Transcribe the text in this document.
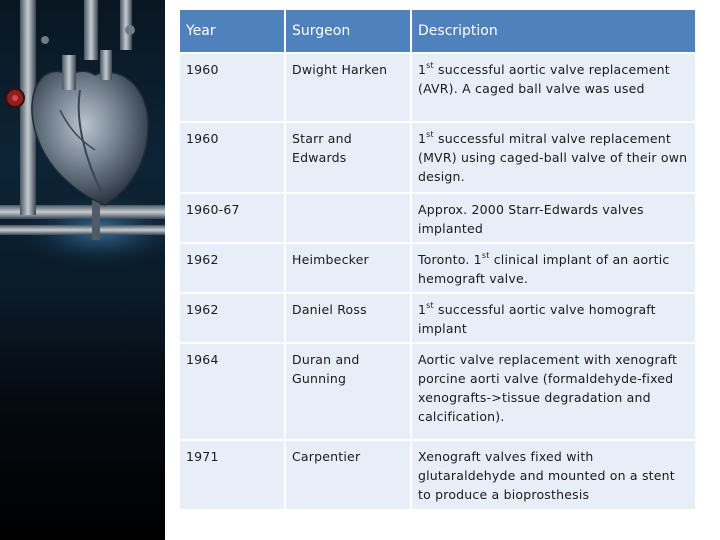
Year	Surgeon	Description
1960	Dwight Harken	1st successful aortic valve replacement (AVR). A caged ball valve was used
1960	Starr and Edwards	1st successful mitral valve replacement (MVR) using caged-ball valve of their own design.
1960-67		Approx. 2000 Starr-Edwards valves implanted
1962	Heimbecker	Toronto. 1st clinical implant of an aortic hemograft valve.
1962	Daniel Ross	1st successful aortic valve homograft implant
1964	Duran and Gunning	Aortic valve replacement with xenograft porcine aorti valve (formaldehyde-fixed xenografts->tissue degradation and calcification).
1971	Carpentier	Xenograft valves fixed with glutaraldehyde and mounted on a stent to produce a bioprosthesis
